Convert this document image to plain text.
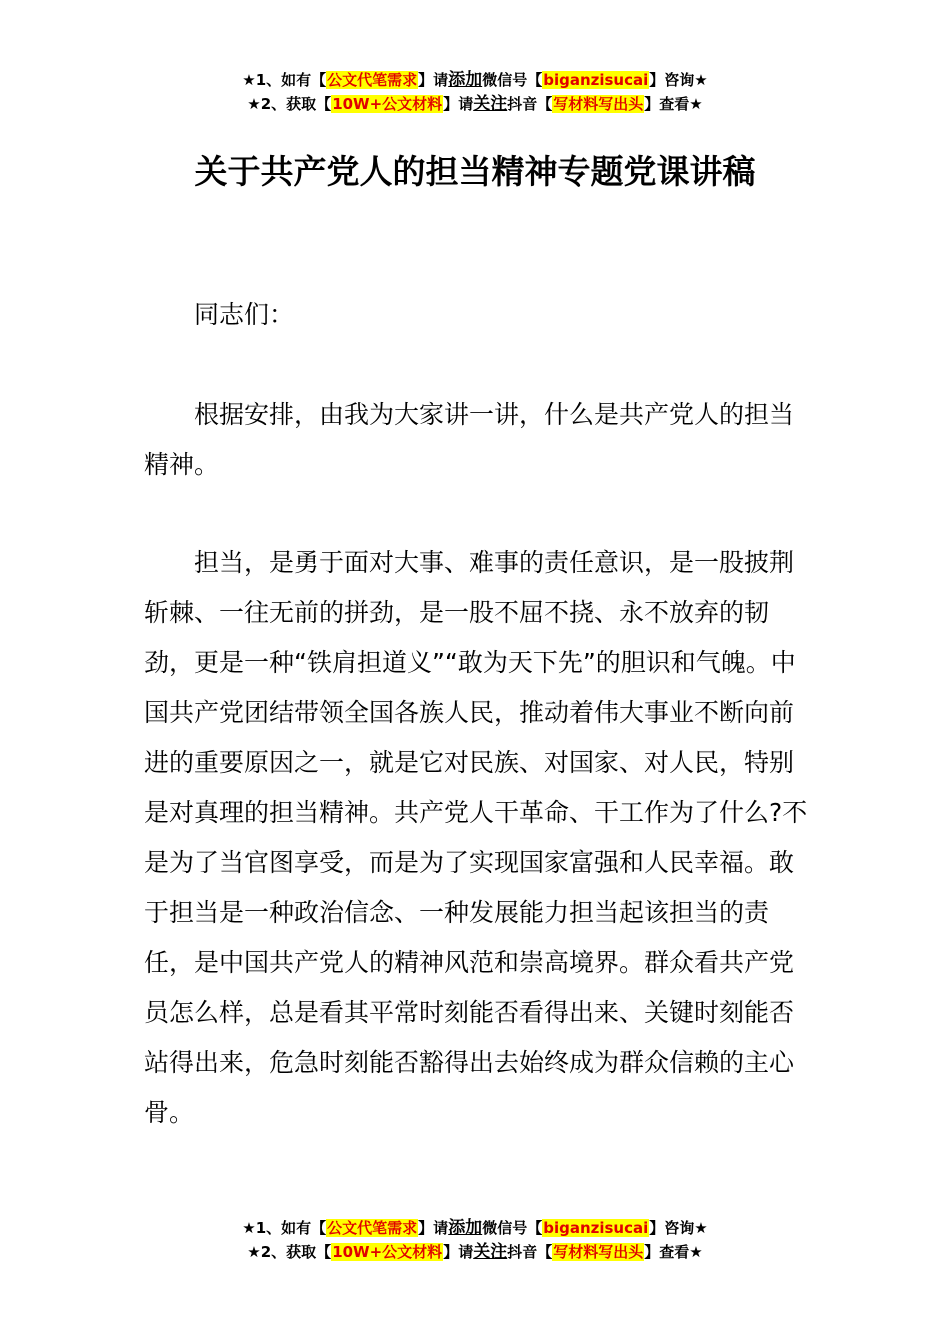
★1、如有【公文代笔需求】请添加微信号【biganzisucai】咨询★
★2、获取【10W+公文材料】请关注抖音【写材料写出头】查看★
关于共产党人的担当精神专题党课讲稿

同志们：

根据安排，由我为大家讲一讲，什么是共产党人的担当精神。

担当，是勇于面对大事、难事的责任意识，是一股披荆斩棘、一往无前的拼劲，是一股不屈不挠、永不放弃的韧劲，更是一种“铁肩担道义”“敢为天下先”的胆识和气魄。中国共产党团结带领全国各族人民，推动着伟大事业不断向前进的重要原因之一，就是它对民族、对国家、对人民，特别是对真理的担当精神。共产党人干革命、干工作为了什么?不是为了当官图享受，而是为了实现国家富强和人民幸福。敢于担当是一种政治信念、一种发展能力担当起该担当的责任，是中国共产党人的精神风范和崇高境界。群众看共产党员怎么样，总是看其平常时刻能否看得出来、关键时刻能否站得出来，危急时刻能否豁得出去始终成为群众信赖的主心骨。

★1、如有【公文代笔需求】请添加微信号【biganzisucai】咨询★
★2、获取【10W+公文材料】请关注抖音【写材料写出头】查看★
